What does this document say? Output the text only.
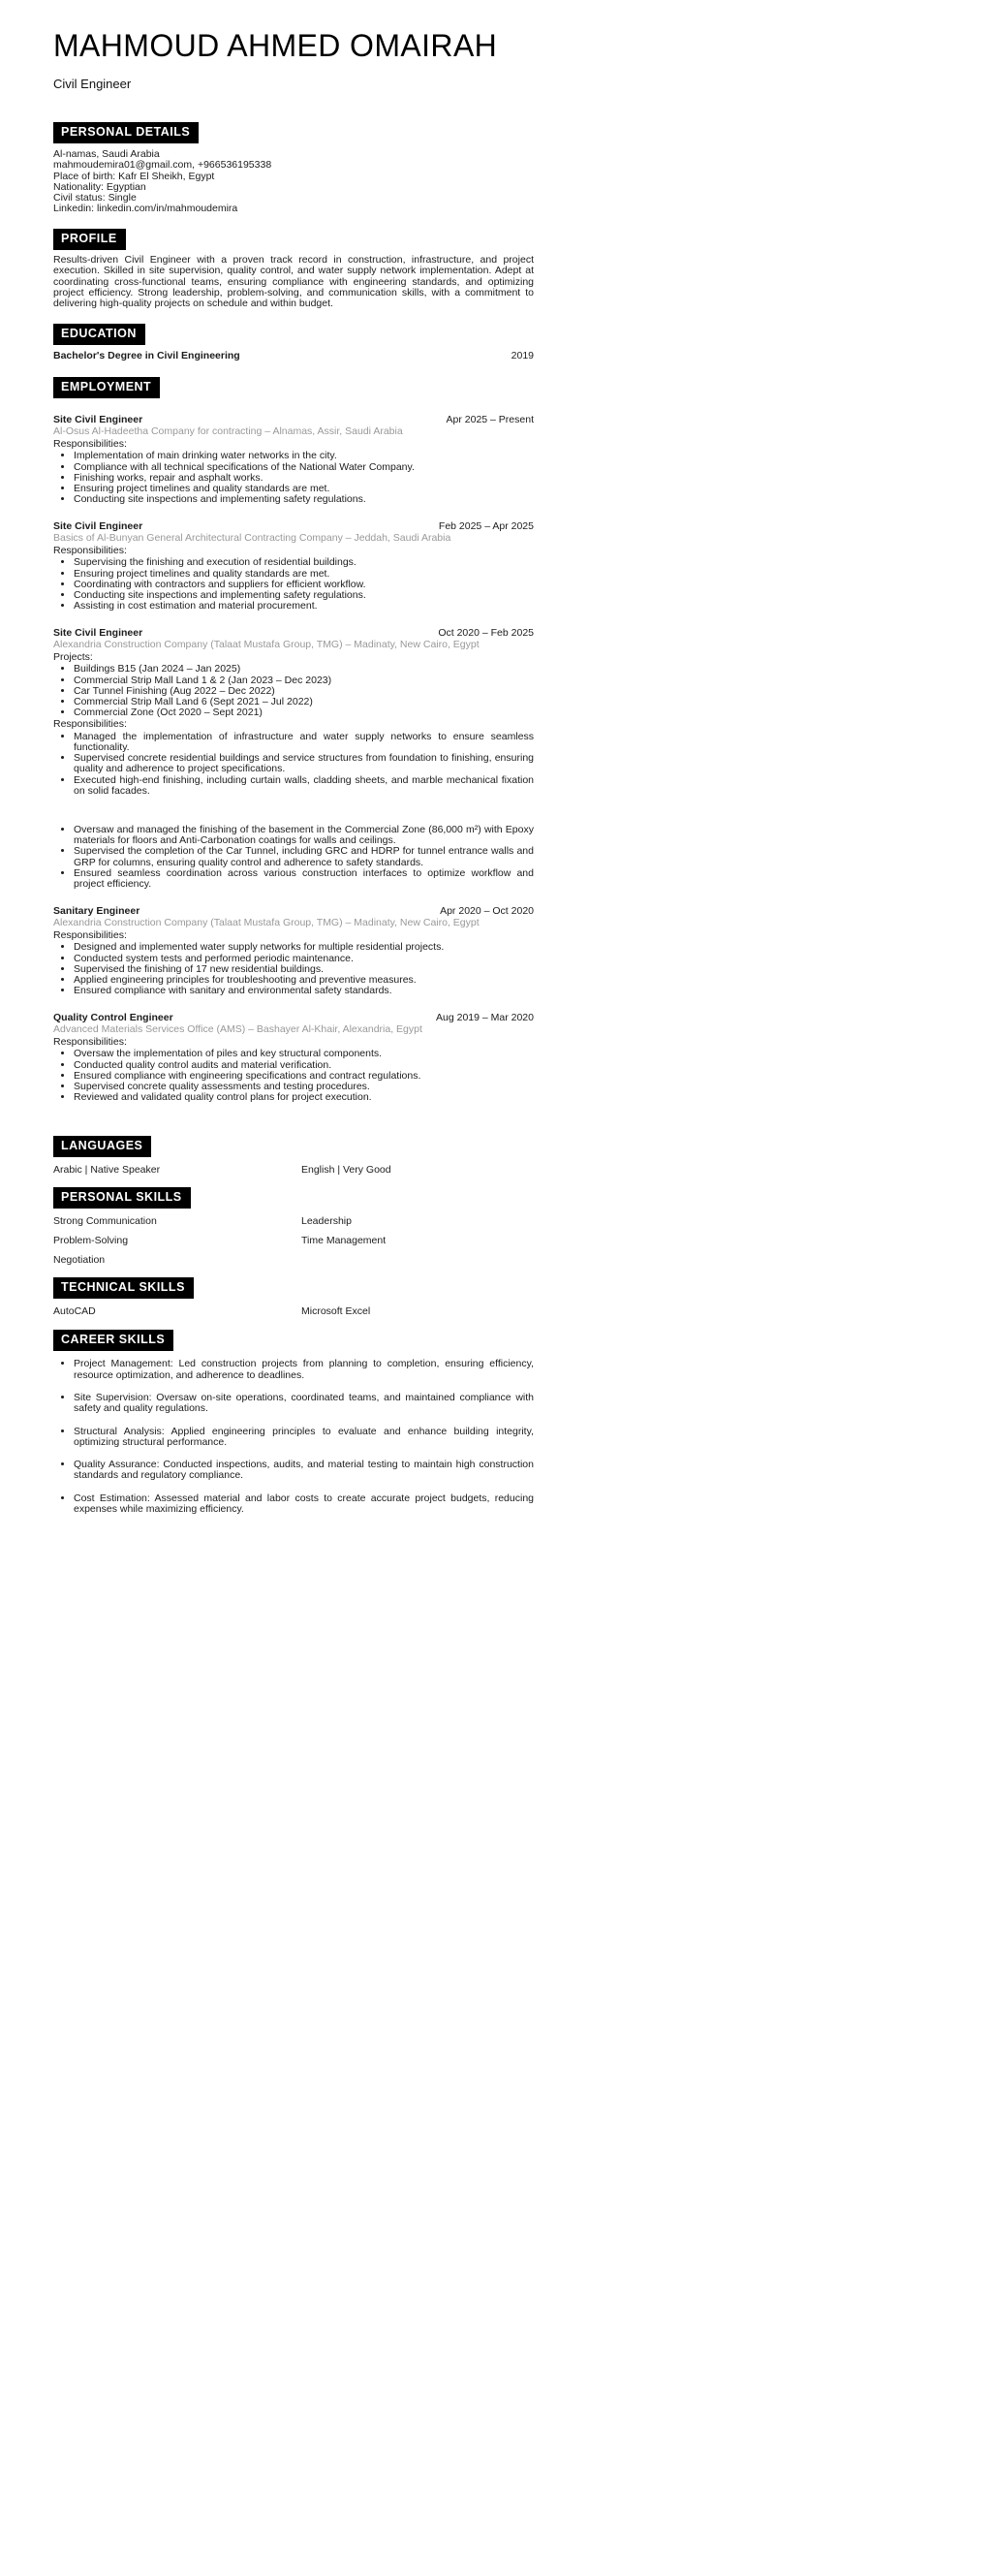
MAHMOUD AHMED OMAIRAH
Civil Engineer
PERSONAL DETAILS
Al-namas, Saudi Arabia
mahmoudemira01@gmail.com, +966536195338
Place of birth: Kafr El Sheikh, Egypt
Nationality: Egyptian
Civil status: Single
Linkedin: linkedin.com/in/mahmoudemira
PROFILE

Results-driven Civil Engineer with a proven track record in construction, infrastructure, and project execution. Skilled in site supervision, quality control, and water supply network implementation. Adept at coordinating cross-functional teams, ensuring compliance with engineering standards, and optimizing project efficiency. Strong leadership, problem-solving, and communication skills, with a commitment to delivering high-quality projects on schedule and within budget.

EDUCATION
Bachelor's Degree in Civil Engineering	2019
EMPLOYMENT
Site Civil Engineer	Apr 2025 – Present
Al-Osus Al-Hadeetha Company for contracting – Alnamas, Assir, Saudi Arabia
Responsibilities:
• Implementation of main drinking water networks in the city.
• Compliance with all technical specifications of the National Water Company.
• Finishing works, repair and asphalt works.
• Ensuring project timelines and quality standards are met.
• Conducting site inspections and implementing safety regulations.
Site Civil Engineer	Feb 2025 – Apr 2025
Basics of Al-Bunyan General Architectural Contracting Company – Jeddah, Saudi Arabia
Responsibilities:
• Supervising the finishing and execution of residential buildings.
• Ensuring project timelines and quality standards are met.
• Coordinating with contractors and suppliers for efficient workflow.
• Conducting site inspections and implementing safety regulations.
• Assisting in cost estimation and material procurement.
Site Civil Engineer	Oct 2020 – Feb 2025
Alexandria Construction Company (Talaat Mustafa Group, TMG) – Madinaty, New Cairo, Egypt
Projects:
• Buildings B15 (Jan 2024 – Jan 2025)
• Commercial Strip Mall Land 1 & 2 (Jan 2023 – Dec 2023)
• Car Tunnel Finishing (Aug 2022 – Dec 2022)
• Commercial Strip Mall Land 6 (Sept 2021 – Jul 2022)
• Commercial Zone (Oct 2020 – Sept 2021)
Responsibilities:
• Managed the implementation of infrastructure and water supply networks to ensure seamless functionality.
• Supervised concrete residential buildings and service structures from foundation to finishing, ensuring quality and adherence to project specifications.
• Executed high-end finishing, including curtain walls, cladding sheets, and marble mechanical fixation on solid facades.
• Oversaw and managed the finishing of the basement in the Commercial Zone (86,000 m²) with Epoxy materials for floors and Anti-Carbonation coatings for walls and ceilings.
• Supervised the completion of the Car Tunnel, including GRC and HDRP for tunnel entrance walls and GRP for columns, ensuring quality control and adherence to safety standards.
• Ensured seamless coordination across various construction interfaces to optimize workflow and project efficiency.
Sanitary Engineer	Apr 2020 – Oct 2020
Alexandria Construction Company (Talaat Mustafa Group, TMG) – Madinaty, New Cairo, Egypt
Responsibilities:
• Designed and implemented water supply networks for multiple residential projects.
• Conducted system tests and performed periodic maintenance.
• Supervised the finishing of 17 new residential buildings.
• Applied engineering principles for troubleshooting and preventive measures.
• Ensured compliance with sanitary and environmental safety standards.
Quality Control Engineer	Aug 2019 – Mar 2020
Advanced Materials Services Office (AMS) – Bashayer Al-Khair, Alexandria, Egypt
Responsibilities:
• Oversaw the implementation of piles and key structural components.
• Conducted quality control audits and material verification.
• Ensured compliance with engineering specifications and contract regulations.
• Supervised concrete quality assessments and testing procedures.
• Reviewed and validated quality control plans for project execution.
LANGUAGES
Arabic | Native Speaker	English | Very Good
PERSONAL SKILLS
Strong Communication	Leadership
Problem-Solving	Time Management
Negotiation
TECHNICAL SKILLS
AutoCAD	Microsoft Excel
CAREER SKILLS
• Project Management: Led construction projects from planning to completion, ensuring efficiency, resource optimization, and adherence to deadlines.
• Site Supervision: Oversaw on-site operations, coordinated teams, and maintained compliance with safety and quality regulations.
• Structural Analysis: Applied engineering principles to evaluate and enhance building integrity, optimizing structural performance.
• Quality Assurance: Conducted inspections, audits, and material testing to maintain high construction standards and regulatory compliance.
• Cost Estimation: Assessed material and labor costs to create accurate project budgets, reducing expenses while maximizing efficiency.
